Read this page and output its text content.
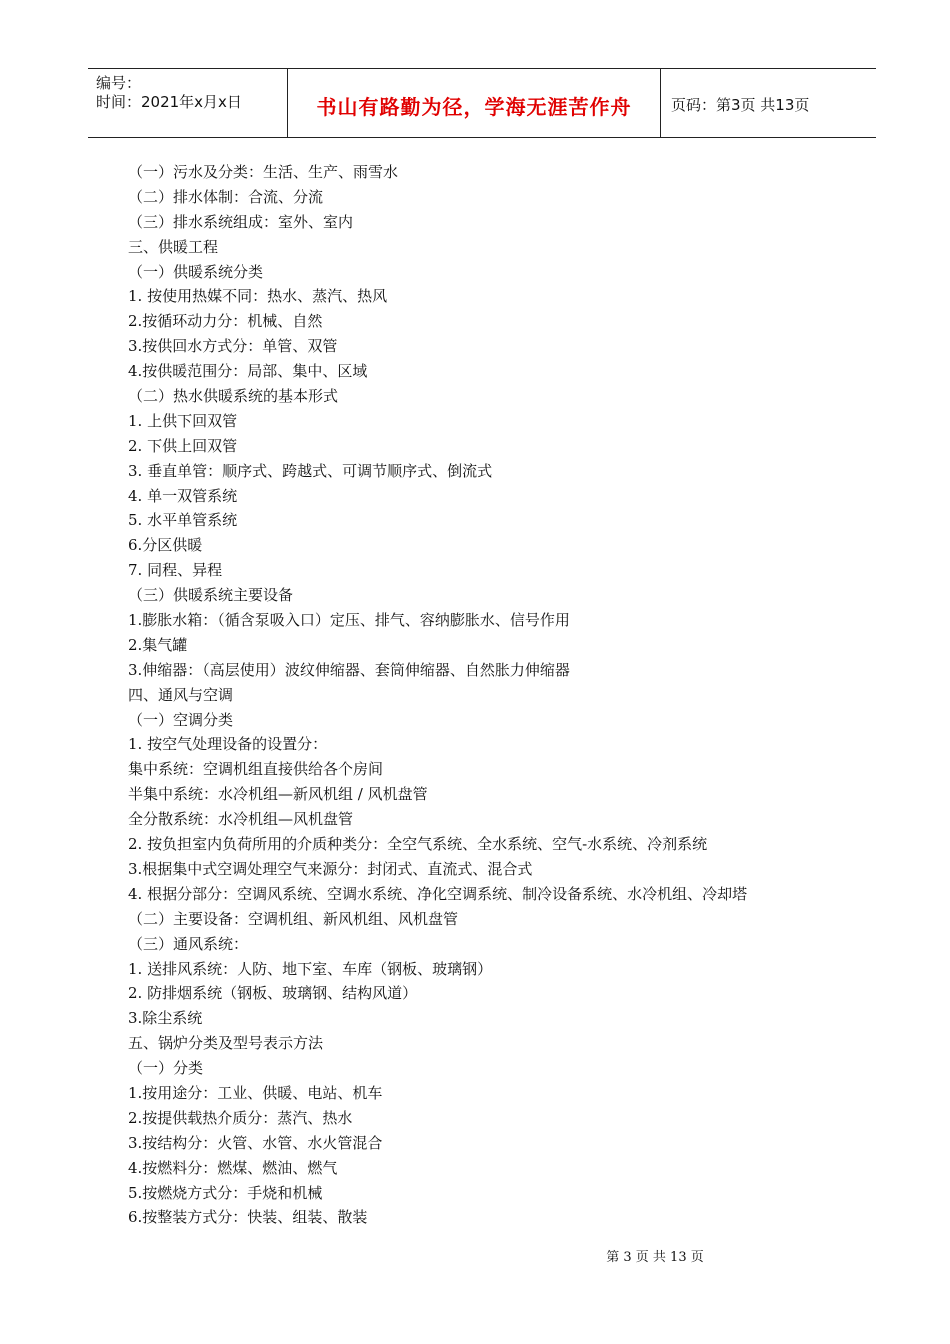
编号：
时间：2021年x月x日	书山有路勤为径，学海无涯苦作舟	页码：第3页 共13页
（一）污水及分类：生活、生产、雨雪水
（二）排水体制：合流、分流
（三）排水系统组成：室外、室内
三、供暖工程
（一）供暖系统分类
1. 按使用热媒不同：热水、蒸汽、热风
2.按循环动力分：机械、自然
3.按供回水方式分：单管、双管
4.按供暖范围分：局部、集中、区域
（二）热水供暖系统的基本形式
1. 上供下回双管
2. 下供上回双管
3. 垂直单管：顺序式、跨越式、可调节顺序式、倒流式
4. 单一双管系统
5. 水平单管系统
6.分区供暖
7. 同程、异程
（三）供暖系统主要设备
1.膨胀水箱：（循含泵吸入口）定压、排气、容纳膨胀水、信号作用
2.集气罐
3.伸缩器：（高层使用）波纹伸缩器、套筒伸缩器、自然胀力伸缩器
四、通风与空调
（一）空调分类
1. 按空气处理设备的设置分：
集中系统：空调机组直接供给各个房间
半集中系统：水冷机组—新风机组 / 风机盘管
全分散系统：水冷机组—风机盘管
2. 按负担室内负荷所用的介质种类分：全空气系统、全水系统、空气-水系统、冷剂系统
3.根据集中式空调处理空气来源分：封闭式、直流式、混合式
4. 根据分部分：空调风系统、空调水系统、净化空调系统、制冷设备系统、水冷机组、冷却塔
（二）主要设备：空调机组、新风机组、风机盘管
（三）通风系统：
1. 送排风系统：人防、地下室、车库（钢板、玻璃钢）
2. 防排烟系统（钢板、玻璃钢、结构风道）
3.除尘系统
五、锅炉分类及型号表示方法
（一）分类
1.按用途分：工业、供暖、电站、机车
2.按提供载热介质分：蒸汽、热水
3.按结构分：火管、水管、水火管混合
4.按燃料分：燃煤、燃油、燃气
5.按燃烧方式分：手烧和机械
6.按整装方式分：快装、组装、散装
第 3 页 共 13 页
